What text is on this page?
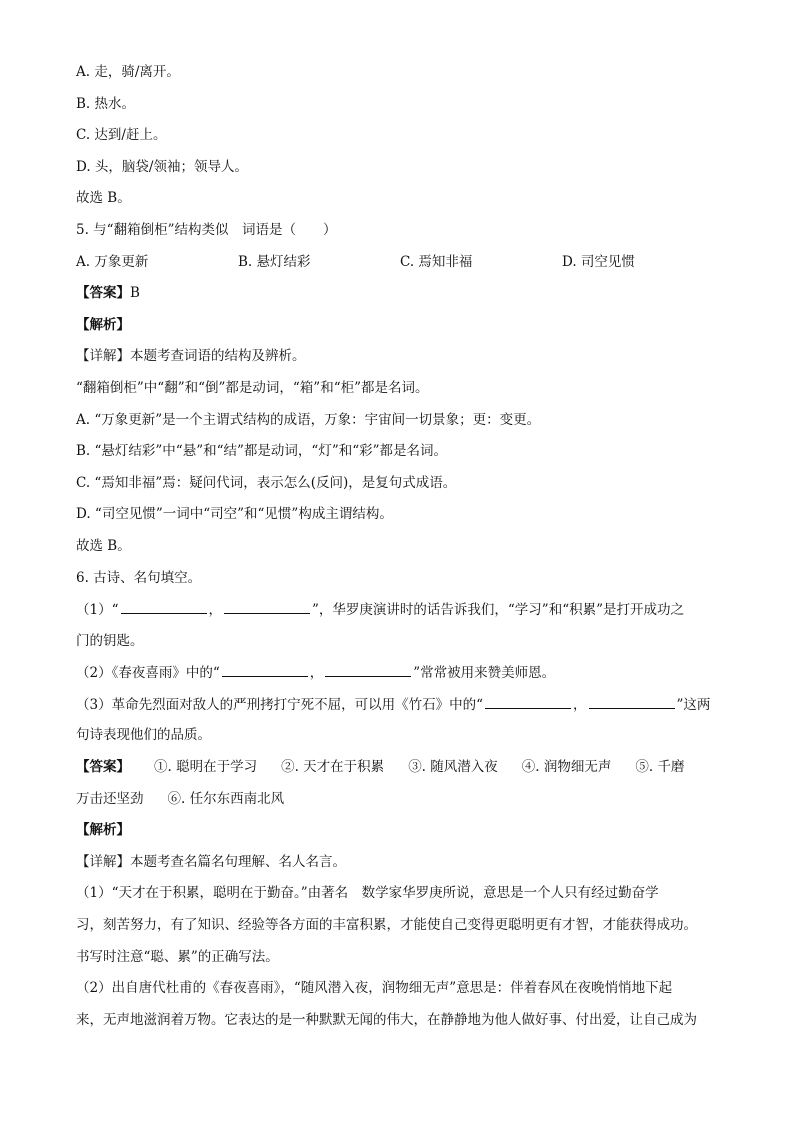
A. 走，骑/离开。
B. 热水。
C. 达到/赶上。
D. 头，脑袋/领袖；领导人。
故选 B。
5. 与“翻箱倒柜”结构类似　词语是（　　）
A. 万象更新	B. 悬灯结彩	C. 焉知非福	D. 司空见惯
【答案】B
【解析】
【详解】本题考查词语的结构及辨析。
“翻箱倒柜”中“翻”和“倒”都是动词，“箱”和“柜”都是名词。
A. “万象更新”是一个主谓式结构的成语，万象：宇宙间一切景象；更：变更。
B. “悬灯结彩”中“悬”和“结”都是动词，“灯”和“彩”都是名词。
C. “焉知非福”焉：疑问代词，表示怎么(反问)，是复句式成语。
D. “司空见惯”一词中“司空”和“见惯”构成主谓结构。
故选 B。
6. 古诗、名句填空。
（1）“	，	”，华罗庚演讲时的话告诉我们，“学习”和“积累”是打开成功之
门的钥匙。
（2）《春夜喜雨》中的“	，	”常常被用来赞美师恩。
（3）革命先烈面对敌人的严刑拷打宁死不屈，可以用《竹石》中的“	，	”这两
句诗表现他们的品质。
【答案】 ①. 聪明在于学习 ②. 天才在于积累 ③. 随风潜入夜 ④. 润物细无声 ⑤. 千磨
万击还坚劲 ⑥. 任尔东西南北风
【解析】
【详解】本题考查名篇名句理解、名人名言。
（1）“天才在于积累，聪明在于勤奋。”由著名　数学家华罗庚所说，意思是一个人只有经过勤奋学
习，刻苦努力，有了知识、经验等各方面的丰富积累，才能使自己变得更聪明更有才智，才能获得成功。
书写时注意“聪、累”的正确写法。
（2）出自唐代杜甫的《春夜喜雨》，“随风潜入夜，润物细无声”意思是：伴着春风在夜晚悄悄地下起
来，无声地滋润着万物。它表达的是一种默默无闻的伟大，在静静地为他人做好事、付出爱，让自己成为
